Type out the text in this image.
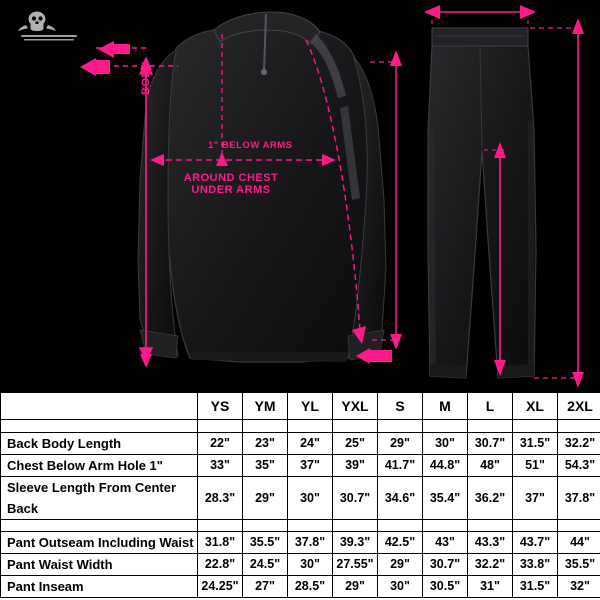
BODY
1" BELOW ARMS
AROUND CHEST
UNDER ARMS
	YS	YM	YL	YXL	S	M	L	XL	2XL

Back Body Length	22"	23"	24"	25"	29"	30"	30.7"	31.5"	32.2"
Chest Below Arm Hole 1"	33"	35"	37"	39"	41.7"	44.8"	48"	51"	54.3"
Sleeve Length From Center Back	28.3"	29"	30"	30.7"	34.6"	35.4"	36.2"	37"	37.8"

Pant Outseam Including Waist	31.8"	35.5"	37.8"	39.3"	42.5"	43"	43.3"	43.7"	44"
Pant Waist Width	22.8"	24.5"	30"	27.55"	29"	30.7"	32.2"	33.8"	35.5"
Pant Inseam	24.25"	27"	28.5"	29"	30"	30.5"	31"	31.5"	32"
